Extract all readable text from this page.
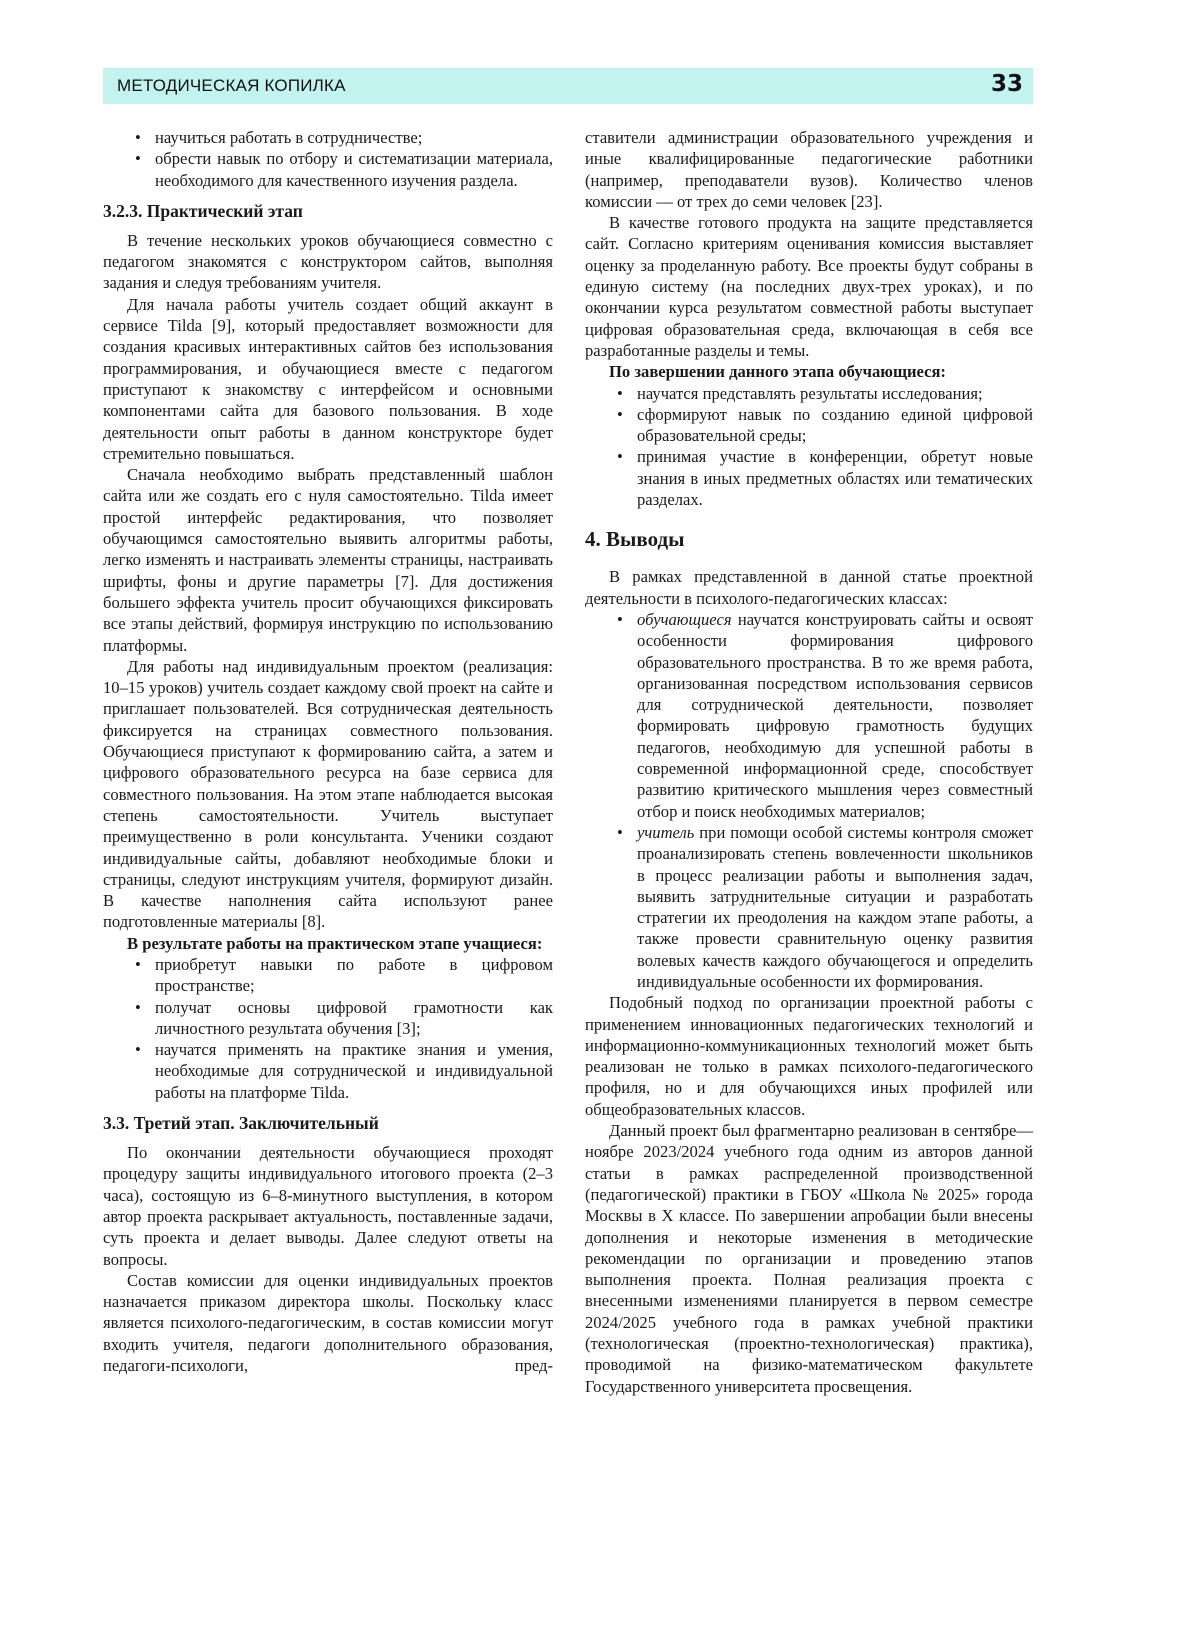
МЕТОДИЧЕСКАЯ КОПИЛКА	33
• научиться работать в сотрудничестве;
• обрести навык по отбору и систематизации материала, необходимого для качественного изучения раздела.
3.2.3. Практический этап

В течение нескольких уроков обучающиеся совместно с педагогом знакомятся с конструктором сайтов, выполняя задания и следуя требованиям учителя.

Для начала работы учитель создает общий аккаунт в сервисе Tilda [9], который предоставляет возможности для создания красивых интерактивных сайтов без использования программирования, и обучающиеся вместе с педагогом приступают к знакомству с интерфейсом и основными компонентами сайта для базового пользования. В ходе деятельности опыт работы в данном конструкторе будет стремительно повышаться.

Сначала необходимо выбрать представленный шаблон сайта или же создать его с нуля самостоятельно. Tilda имеет простой интерфейс редактирования, что позволяет обучающимся самостоятельно выявить алгоритмы работы, легко изменять и настраивать элементы страницы, настраивать шрифты, фоны и другие параметры [7]. Для достижения большего эффекта учитель просит обучающихся фиксировать все этапы действий, формируя инструкцию по использованию платформы.

Для работы над индивидуальным проектом (реализация: 10–15 уроков) учитель создает каждому свой проект на сайте и приглашает пользователей. Вся сотрудническая деятельность фиксируется на страницах совместного пользования. Обучающиеся приступают к формированию сайта, а затем и цифрового образовательного ресурса на базе сервиса для совместного пользования. На этом этапе наблюдается высокая степень самостоятельности. Учитель выступает преимущественно в роли консультанта. Ученики создают индивидуальные сайты, добавляют необходимые блоки и страницы, следуют инструкциям учителя, формируют дизайн. В качестве наполнения сайта используют ранее подготовленные материалы [8].

В результате работы на практическом этапе учащиеся:

• приобретут навыки по работе в цифровом пространстве;
• получат основы цифровой грамотности как личностного результата обучения [3];
• научатся применять на практике знания и умения, необходимые для сотруднической и индивидуальной работы на платформе Tilda.
3.3. Третий этап. Заключительный

По окончании деятельности обучающиеся проходят процедуру защиты индивидуального итогового проекта (2–3 часа), состоящую из 6–8-минутного выступления, в котором автор проекта раскрывает актуальность, поставленные задачи, суть проекта и делает выводы. Далее следуют ответы на вопросы.

Состав комиссии для оценки индивидуальных проектов назначается приказом директора школы. Поскольку класс является психолого-педагогическим, в состав комиссии могут входить учителя, педагоги дополнительного образования, педагоги-психологи, пред-

ставители администрации образовательного учреждения и иные квалифицированные педагогические работники (например, преподаватели вузов). Количество членов комиссии — от трех до семи человек [23].

В качестве готового продукта на защите представляется сайт. Согласно критериям оценивания комиссия выставляет оценку за проделанную работу. Все проекты будут собраны в единую систему (на последних двух-трех уроках), и по окончании курса результатом совместной работы выступает цифровая образовательная среда, включающая в себя все разработанные разделы и темы.

По завершении данного этапа обучающиеся:

• научатся представлять результаты исследования;
• сформируют навык по созданию единой цифровой образовательной среды;
• принимая участие в конференции, обретут новые знания в иных предметных областях или тематических разделах.
4. Выводы

В рамках представленной в данной статье проектной деятельности в психолого-педагогических классах:

• обучающиеся научатся конструировать сайты и освоят особенности формирования цифрового образовательного пространства. В то же время работа, организованная посредством использования сервисов для сотруднической деятельности, позволяет формировать цифровую грамотность будущих педагогов, необходимую для успешной работы в современной информационной среде, способствует развитию критического мышления через совместный отбор и поиск необходимых материалов;
• учитель при помощи особой системы контроля сможет проанализировать степень вовлеченности школьников в процесс реализации работы и выполнения задач, выявить затруднительные ситуации и разработать стратегии их преодоления на каждом этапе работы, а также провести сравнительную оценку развития волевых качеств каждого обучающегося и определить индивидуальные особенности их формирования.

Подобный подход по организации проектной работы с применением инновационных педагогических технологий и информационно-коммуникационных технологий может быть реализован не только в рамках психолого-педагогического профиля, но и для обучающихся иных профилей или общеобразовательных классов.

Данный проект был фрагментарно реализован в сентябре—ноябре 2023/2024 учебного года одним из авторов данной статьи в рамках распределенной производственной (педагогической) практики в ГБОУ «Школа № 2025» города Москвы в X классе. По завершении апробации были внесены дополнения и некоторые изменения в методические рекомендации по организации и проведению этапов выполнения проекта. Полная реализация проекта с внесенными изменениями планируется в первом семестре 2024/2025 учебного года в рамках учебной практики (технологическая (проектно-технологическая) практика), проводимой на физико-математическом факультете Государственного университета просвещения.
